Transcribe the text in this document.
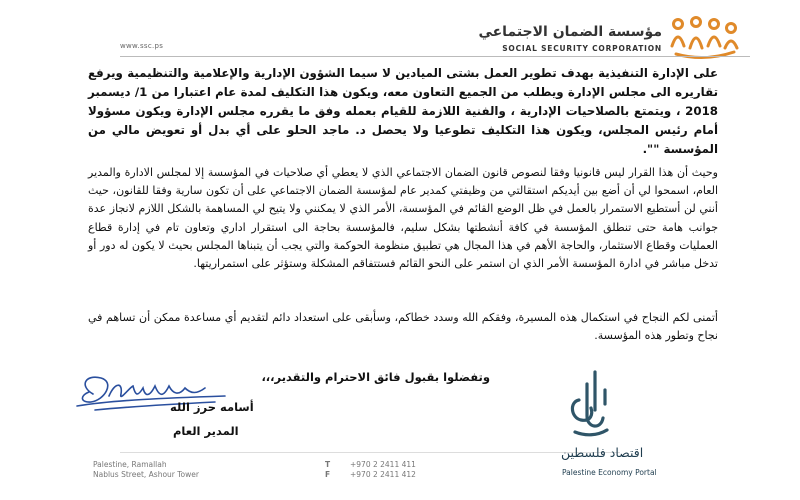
www.ssc.ps
مؤسسة الضمان الاجتماعي
SOCIAL SECURITY CORPORATION
على الإدارة التنفيذية بهدف تطوير العمل بشتى الميادين لا سيما الشؤون الإدارية والإعلامية والتنظيمية ويرفع تقاريره الى مجلس الإدارة ويطلب من الجميع التعاون معه، ويكون هذا التكليف لمدة عام اعتبارا من 1/ ديسمبر 2018 ، ويتمتع بالصلاحيات الإدارية ، والفنية اللازمة للقيام بعمله وفق ما يقرره مجلس الإدارة ويكون مسؤولا أمام رئيس المجلس، ويكون هذا التكليف تطوعيا ولا يحصل د. ماجد الحلو على أي بدل أو تعويض مالي من المؤسسة "".
وحيث أن هذا القرار ليس قانونيا وفقا لنصوص قانون الضمان الاجتماعي الذي لا يعطي أي صلاحيات في المؤسسة إلا لمجلس الادارة والمدير العام، اسمحوا لي أن أضع بين أيديكم استقالتي من وظيفتي كمدير عام لمؤسسة الضمان الاجتماعي على أن تكون سارية وفقا للقانون، حيث أنني لن أستطيع الاستمرار بالعمل في ظل الوضع القائم في المؤسسة، الأمر الذي لا يمكنني ولا يتيح لي المساهمة بالشكل اللازم لانجاز عدة جوانب هامة حتى تنطلق المؤسسة في كافة أنشطتها بشكل سليم، فالمؤسسة بحاجة الى استقرار اداري وتعاون تام في إدارة قطاع العمليات وقطاع الاستثمار، والحاجة الأهم في هذا المجال هي تطبيق منظومة الحوكمة والتي يجب أن يتبناها المجلس بحيث لا يكون له دور أو تدخل مباشر في ادارة المؤسسة الأمر الذي ان استمر على النحو القائم فستتفاقم المشكلة وستؤثر على استمراريتها.
أتمنى لكم النجاح في استكمال هذه المسيرة، وفقكم الله وسدد خطاكم، وسأبقى على استعداد دائم لتقديم أي مساعدة ممكن أن تساهم في نجاح وتطور هذه المؤسسة.
وتفضلوا بقبول فائق الاحترام والتقدير،،،
أسامه حرز الله
المدير العام
Palestine, Ramallah
Nablus Street, Ashour Tower
T
F
+970 2 2411 411
+970 2 2411 412
اقتصاد فلسطين
Palestine Economy Portal
